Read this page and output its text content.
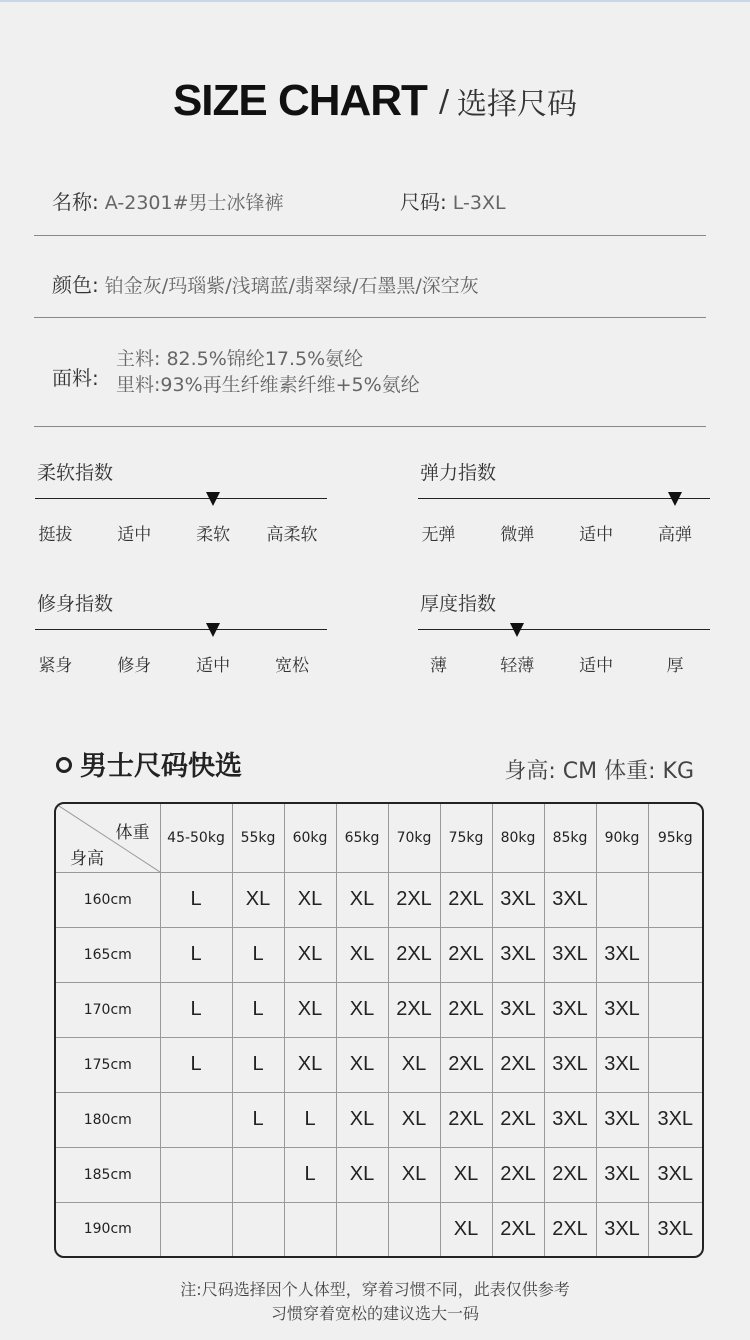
SIZE CHART / 选择尺码
名称: A-2301#男士冰锋裤	尺码: L-3XL
颜色: 铂金灰/玛瑙紫/浅璃蓝/翡翠绿/石墨黑/深空灰
面料:
主料: 82.5%锦纶17.5%氨纶
里料:93%再生纤维素纤维+5%氨纶
柔软指数
挺拔	适中	柔软 高柔软
弹力指数
无弹	微弹	适中	高弹
修身指数
紧身	修身	适中	宽松
厚度指数
薄	轻薄	适中	厚
男士尺码快选	身高: CM 体重: KG
体重
身高	45-50kg	55kg	60kg	65kg	70kg	75kg	80kg	85kg	90kg	95kg
160cm	L	XL	XL	XL	2XL	2XL	3XL	3XL		
165cm	L	L	XL	XL	2XL	2XL	3XL	3XL	3XL	
170cm	L	L	XL	XL	2XL	2XL	3XL	3XL	3XL	
175cm	L	L	XL	XL	XL	2XL	2XL	3XL	3XL	
180cm		L	L	XL	XL	2XL	2XL	3XL	3XL	3XL
185cm			L	XL	XL	XL	2XL	2XL	3XL	3XL
190cm						XL	2XL	2XL	3XL	3XL
注:尺码选择因个人体型，穿着习惯不同，此表仅供参考
习惯穿着宽松的建议选大一码
